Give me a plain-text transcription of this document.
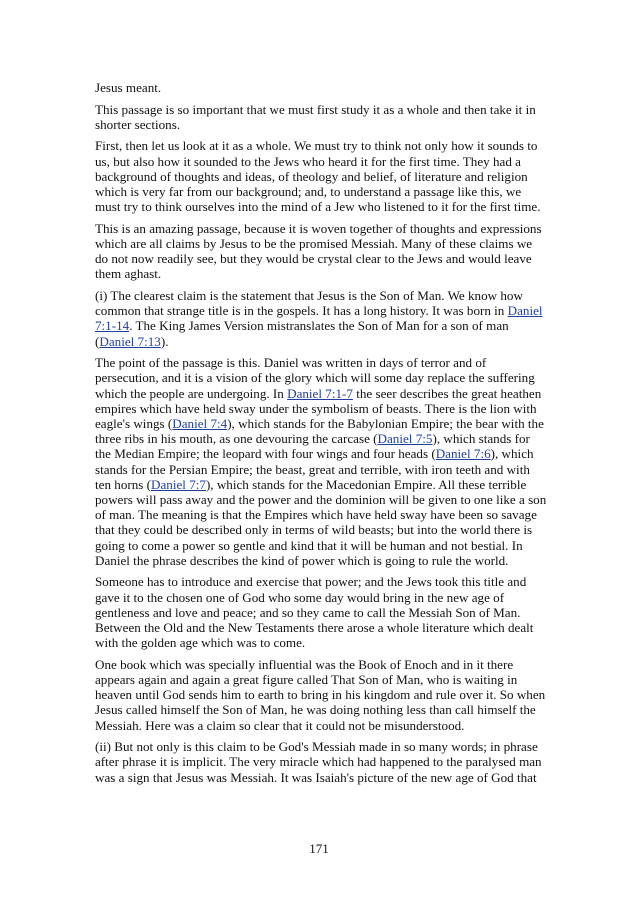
Jesus meant.

This passage is so important that we must first study it as a whole and then take it in shorter sections.

First, then let us look at it as a whole. We must try to think not only how it sounds to us, but also how it sounded to the Jews who heard it for the first time. They had a background of thoughts and ideas, of theology and belief, of literature and religion which is very far from our background; and, to understand a passage like this, we must try to think ourselves into the mind of a Jew who listened to it for the first time.

This is an amazing passage, because it is woven together of thoughts and expressions which are all claims by Jesus to be the promised Messiah. Many of these claims we do not now readily see, but they would be crystal clear to the Jews and would leave them aghast.

(i) The clearest claim is the statement that Jesus is the Son of Man. We know how common that strange title is in the gospels. It has a long history. It was born in Daniel 7:1-14. The King James Version mistranslates the Son of Man for a son of man (Daniel 7:13).

The point of the passage is this. Daniel was written in days of terror and of persecution, and it is a vision of the glory which will some day replace the suffering which the people are undergoing. In Daniel 7:1-7 the seer describes the great heathen empires which have held sway under the symbolism of beasts. There is the lion with eagle's wings (Daniel 7:4), which stands for the Babylonian Empire; the bear with the three ribs in his mouth, as one devouring the carcase (Daniel 7:5), which stands for the Median Empire; the leopard with four wings and four heads (Daniel 7:6), which stands for the Persian Empire; the beast, great and terrible, with iron teeth and with ten horns (Daniel 7:7), which stands for the Macedonian Empire. All these terrible powers will pass away and the power and the dominion will be given to one like a son of man. The meaning is that the Empires which have held sway have been so savage that they could be described only in terms of wild beasts; but into the world there is going to come a power so gentle and kind that it will be human and not bestial. In Daniel the phrase describes the kind of power which is going to rule the world.

Someone has to introduce and exercise that power; and the Jews took this title and gave it to the chosen one of God who some day would bring in the new age of gentleness and love and peace; and so they came to call the Messiah Son of Man. Between the Old and the New Testaments there arose a whole literature which dealt with the golden age which was to come.

One book which was specially influential was the Book of Enoch and in it there appears again and again a great figure called That Son of Man, who is waiting in heaven until God sends him to earth to bring in his kingdom and rule over it. So when Jesus called himself the Son of Man, he was doing nothing less than call himself the Messiah. Here was a claim so clear that it could not be misunderstood.

(ii) But not only is this claim to be God's Messiah made in so many words; in phrase after phrase it is implicit. The very miracle which had happened to the paralysed man was a sign that Jesus was Messiah. It was Isaiah's picture of the new age of God that

171
